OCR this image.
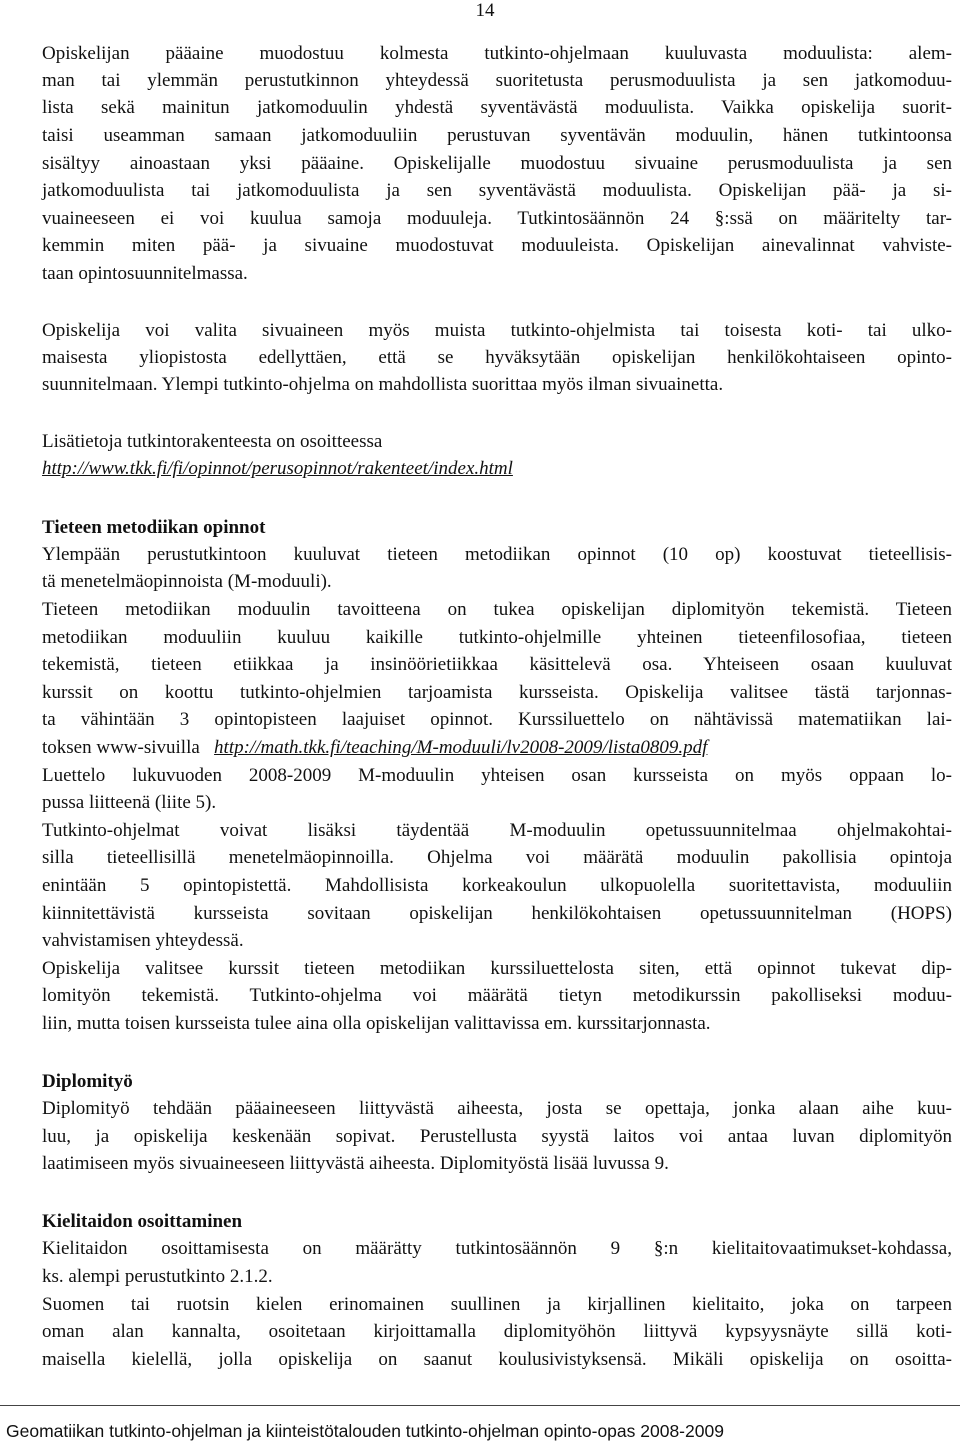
14
Opiskelijan pääaine muodostuu kolmesta tutkinto-ohjelmaan kuuluvasta moduulista: alem-
man tai ylemmän perustutkinnon yhteydessä suoritetusta perusmoduulista ja sen jatkomoduu-
lista sekä mainitun jatkomoduulin yhdestä syventävästä moduulista. Vaikka opiskelija suorit-
taisi useamman samaan jatkomoduuliin perustuvan syventävän moduulin, hänen tutkintoonsa
sisältyy ainoastaan yksi pääaine. Opiskelijalle muodostuu sivuaine perusmoduulista ja sen
jatkomoduulista tai jatkomoduulista ja sen syventävästä moduulista. Opiskelijan pää- ja si-
vuaineeseen ei voi kuulua samoja moduuleja. Tutkintosäännön 24 §:ssä on määritelty tar-
kemmin miten pää- ja sivuaine muodostuvat moduuleista. Opiskelijan ainevalinnat vahviste-
taan opintosuunnitelmassa.
Opiskelija voi valita sivuaineen myös muista tutkinto-ohjelmista tai toisesta koti- tai ulko-
maisesta yliopistosta edellyttäen, että se hyväksytään opiskelijan henkilökohtaiseen opinto-
suunnitelmaan. Ylempi tutkinto-ohjelma on mahdollista suorittaa myös ilman sivuainetta.
Lisätietoja tutkintorakenteesta on osoitteessa
http://www.tkk.fi/fi/opinnot/perusopinnot/rakenteet/index.html
Tieteen metodiikan opinnot
Ylempään perustutkintoon kuuluvat tieteen metodiikan opinnot (10 op) koostuvat tieteellisis-
tä menetelmäopinnoista (M-moduuli).
Tieteen metodiikan moduulin tavoitteena on tukea opiskelijan diplomityön tekemistä. Tieteen
metodiikan moduuliin kuuluu kaikille tutkinto-ohjelmille yhteinen tieteenfilosofiaa, tieteen
tekemistä, tieteen etiikkaa ja insinöörietiikkaa käsittelevä osa. Yhteiseen osaan kuuluvat
kurssit on koottu tutkinto-ohjelmien tarjoamista kursseista. Opiskelija valitsee tästä tarjonnas-
ta vähintään 3 opintopisteen laajuiset opinnot. Kurssiluettelo on nähtävissä matematiikan lai-
toksen www-sivuilla http://math.tkk.fi/teaching/M-moduuli/lv2008-2009/lista0809.pdf
Luettelo lukuvuoden 2008-2009 M-moduulin yhteisen osan kursseista on myös oppaan lo-
pussa liitteenä (liite 5).
Tutkinto-ohjelmat voivat lisäksi täydentää M-moduulin opetussuunnitelmaa ohjelmakohtai-
silla tieteellisillä menetelmäopinnoilla. Ohjelma voi määrätä moduulin pakollisia opintoja
enintään 5 opintopistettä. Mahdollisista korkeakoulun ulkopuolella suoritettavista, moduuliin
kiinnitettävistä kursseista sovitaan opiskelijan henkilökohtaisen opetussuunnitelman (HOPS)
vahvistamisen yhteydessä.
Opiskelija valitsee kurssit tieteen metodiikan kurssiluettelosta siten, että opinnot tukevat dip-
lomityön tekemistä. Tutkinto-ohjelma voi määrätä tietyn metodikurssin pakolliseksi moduu-
liin, mutta toisen kursseista tulee aina olla opiskelijan valittavissa em. kurssitarjonnasta.
Diplomityö
Diplomityö tehdään pääaineeseen liittyvästä aiheesta, josta se opettaja, jonka alaan aihe kuu-
luu, ja opiskelija keskenään sopivat. Perustellusta syystä laitos voi antaa luvan diplomityön
laatimiseen myös sivuaineeseen liittyvästä aiheesta. Diplomityöstä lisää luvussa 9.
Kielitaidon osoittaminen
Kielitaidon osoittamisesta on määrätty tutkintosäännön 9 §:n kielitaitovaatimukset-kohdassa,
ks. alempi perustutkinto 2.1.2.
Suomen tai ruotsin kielen erinomainen suullinen ja kirjallinen kielitaito, joka on tarpeen
oman alan kannalta, osoitetaan kirjoittamalla diplomityöhön liittyvä kypsyysnäyte sillä koti-
maisella kielellä, jolla opiskelija on saanut koulusivistyksensä. Mikäli opiskelija on osoitta-
Geomatiikan tutkinto-ohjelman ja kiinteistötalouden tutkinto-ohjelman opinto-opas 2008-2009
